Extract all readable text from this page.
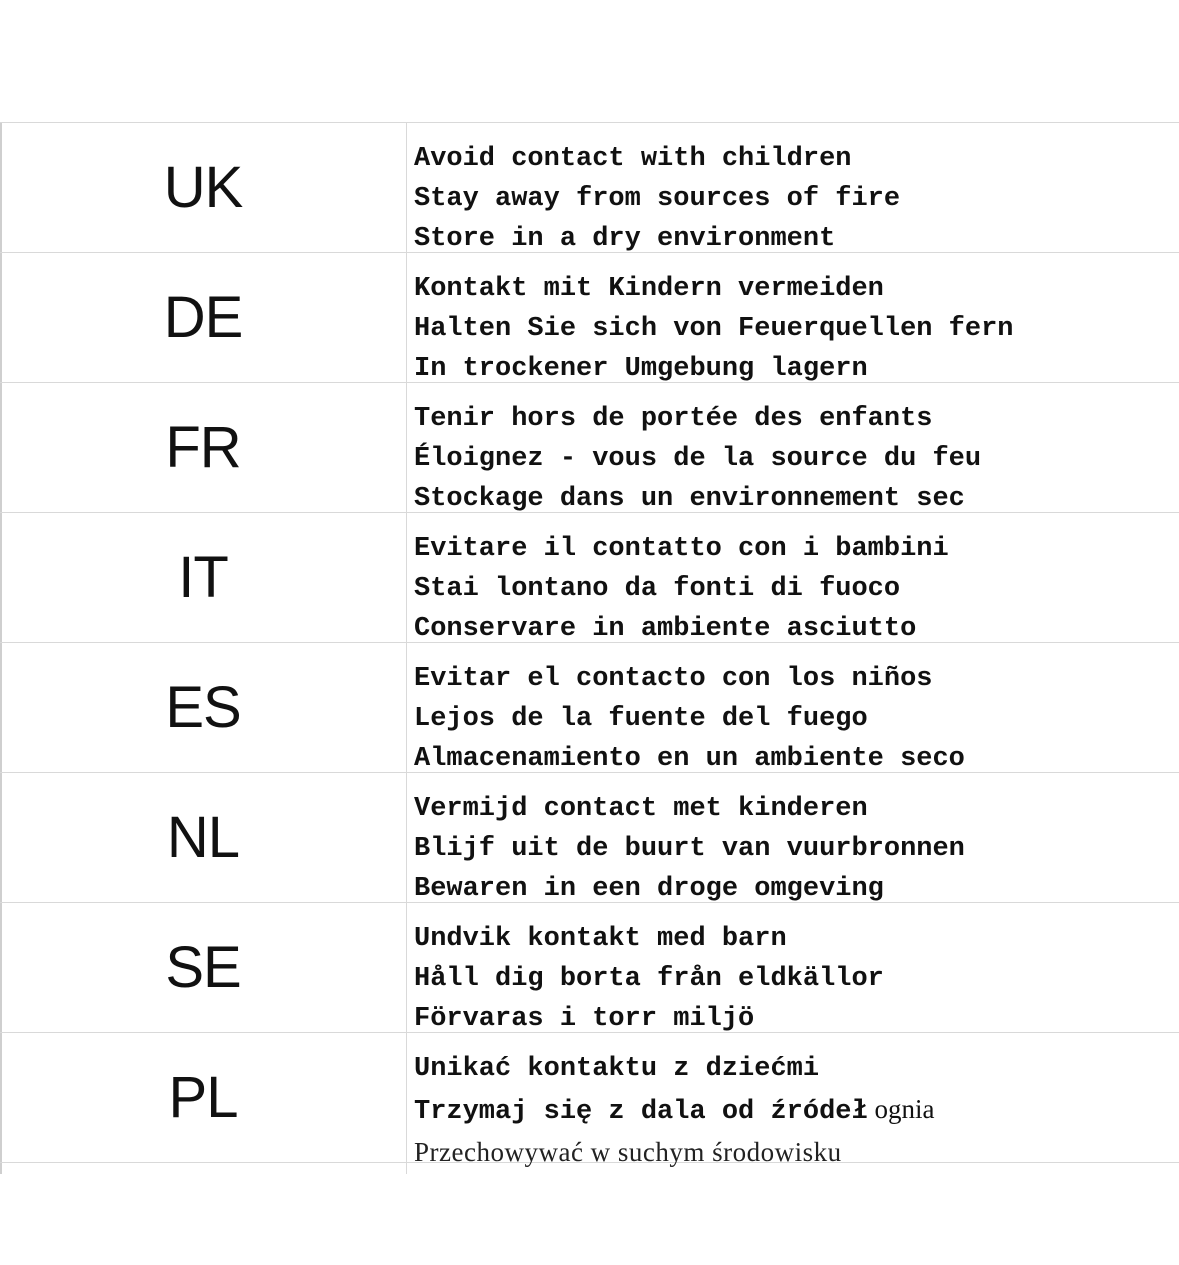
UK	Avoid contact with children
Stay away from sources of fire
Store in a dry environment
DE	Kontakt mit Kindern vermeiden
Halten Sie sich von Feuerquellen fern
In trockener Umgebung lagern
FR	Tenir hors de portée des enfants
Éloignez - vous de la source du feu
Stockage dans un environnement sec
IT	Evitare il contatto con i bambini
Stai lontano da fonti di fuoco
Conservare in ambiente asciutto
ES	Evitar el contacto con los niños
Lejos de la fuente del fuego
Almacenamiento en un ambiente seco
NL	Vermijd contact met kinderen
Blijf uit de buurt van vuurbronnen
Bewaren in een droge omgeving
SE	Undvik kontakt med barn
Håll dig borta från eldkällor
Förvaras i torr miljö
PL	Unikać kontaktu z dziećmi
Trzymaj się z dala od źródeł ognia
Przechowywać w suchym środowisku
